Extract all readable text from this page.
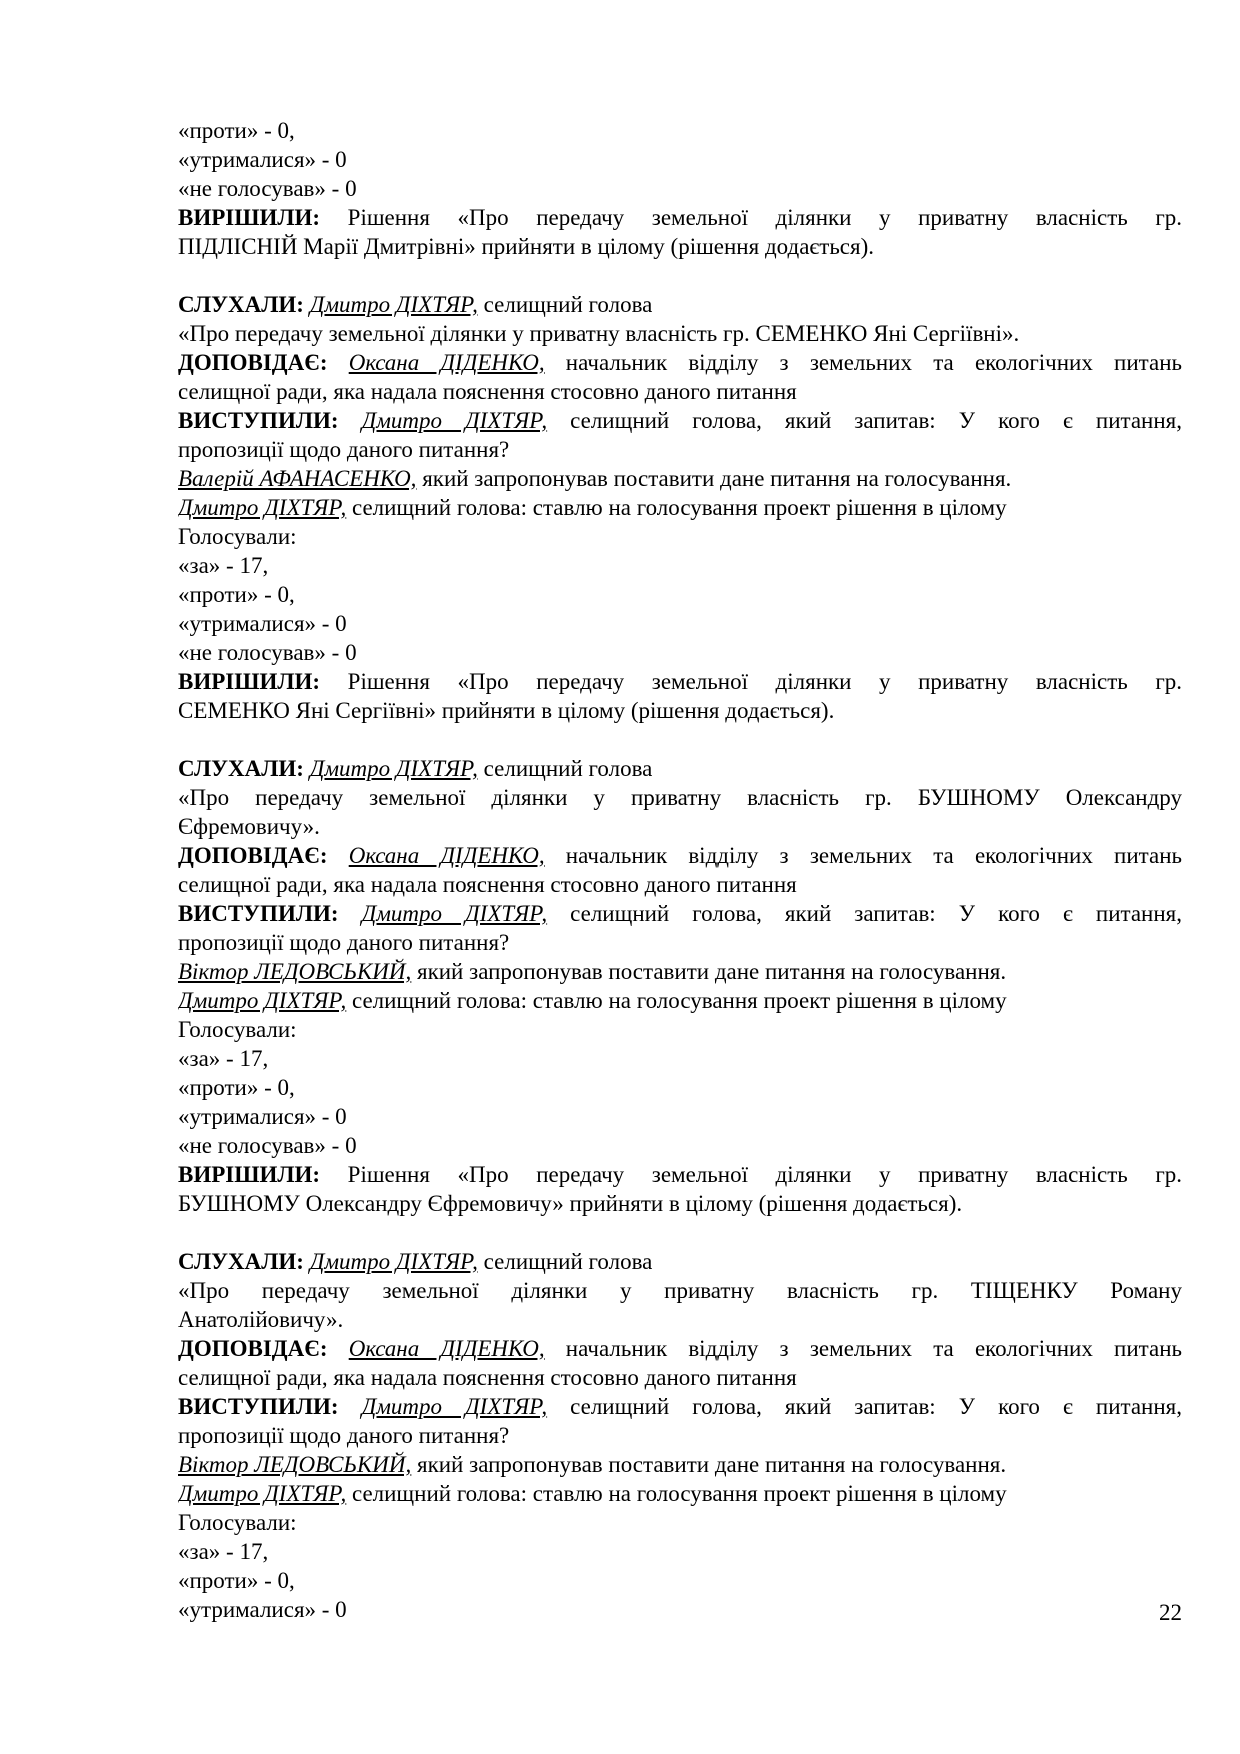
«проти» - 0,
«утрималися» - 0
«не голосував» - 0
ВИРІШИЛИ: Рішення «Про передачу земельної ділянки у приватну власність гр.
ПІДЛІСНІЙ Марії Дмитрівні» прийняти в цілому (рішення додається).
СЛУХАЛИ: Дмитро ДІХТЯР, селищний голова
«Про передачу земельної ділянки у приватну власність гр. СЕМЕНКО Яні Сергіївні».
ДОПОВІДАЄ: Оксана ДІДЕНКО, начальник відділу з земельних та екологічних питань
селищної ради, яка надала пояснення стосовно даного питання
ВИСТУПИЛИ: Дмитро ДІХТЯР, селищний голова, який запитав: У кого є питання,
пропозиції щодо даного питання?
Валерій АФАНАСЕНКО, який запропонував поставити дане питання на голосування.
Дмитро ДІХТЯР, селищний голова: ставлю на голосування проект рішення в цілому
Голосували:
«за» - 17,
«проти» - 0,
«утрималися» - 0
«не голосував» - 0
ВИРІШИЛИ: Рішення «Про передачу земельної ділянки у приватну власність гр.
СЕМЕНКО Яні Сергіївні» прийняти в цілому (рішення додається).
СЛУХАЛИ: Дмитро ДІХТЯР, селищний голова
«Про передачу земельної ділянки у приватну власність гр. БУШНОМУ Олександру
Єфремовичу».
ДОПОВІДАЄ: Оксана ДІДЕНКО, начальник відділу з земельних та екологічних питань
селищної ради, яка надала пояснення стосовно даного питання
ВИСТУПИЛИ: Дмитро ДІХТЯР, селищний голова, який запитав: У кого є питання,
пропозиції щодо даного питання?
Віктор ЛЕДОВСЬКИЙ, який запропонував поставити дане питання на голосування.
Дмитро ДІХТЯР, селищний голова: ставлю на голосування проект рішення в цілому
Голосували:
«за» - 17,
«проти» - 0,
«утрималися» - 0
«не голосував» - 0
ВИРІШИЛИ: Рішення «Про передачу земельної ділянки у приватну власність гр.
БУШНОМУ Олександру Єфремовичу» прийняти в цілому (рішення додається).
СЛУХАЛИ: Дмитро ДІХТЯР, селищний голова
«Про передачу земельної ділянки у приватну власність гр. ТІЩЕНКУ Роману
Анатолійовичу».
ДОПОВІДАЄ: Оксана ДІДЕНКО, начальник відділу з земельних та екологічних питань
селищної ради, яка надала пояснення стосовно даного питання
ВИСТУПИЛИ: Дмитро ДІХТЯР, селищний голова, який запитав: У кого є питання,
пропозиції щодо даного питання?
Віктор ЛЕДОВСЬКИЙ, який запропонував поставити дане питання на голосування.
Дмитро ДІХТЯР, селищний голова: ставлю на голосування проект рішення в цілому
Голосували:
«за» - 17,
«проти» - 0,
«утрималися» - 0	22
